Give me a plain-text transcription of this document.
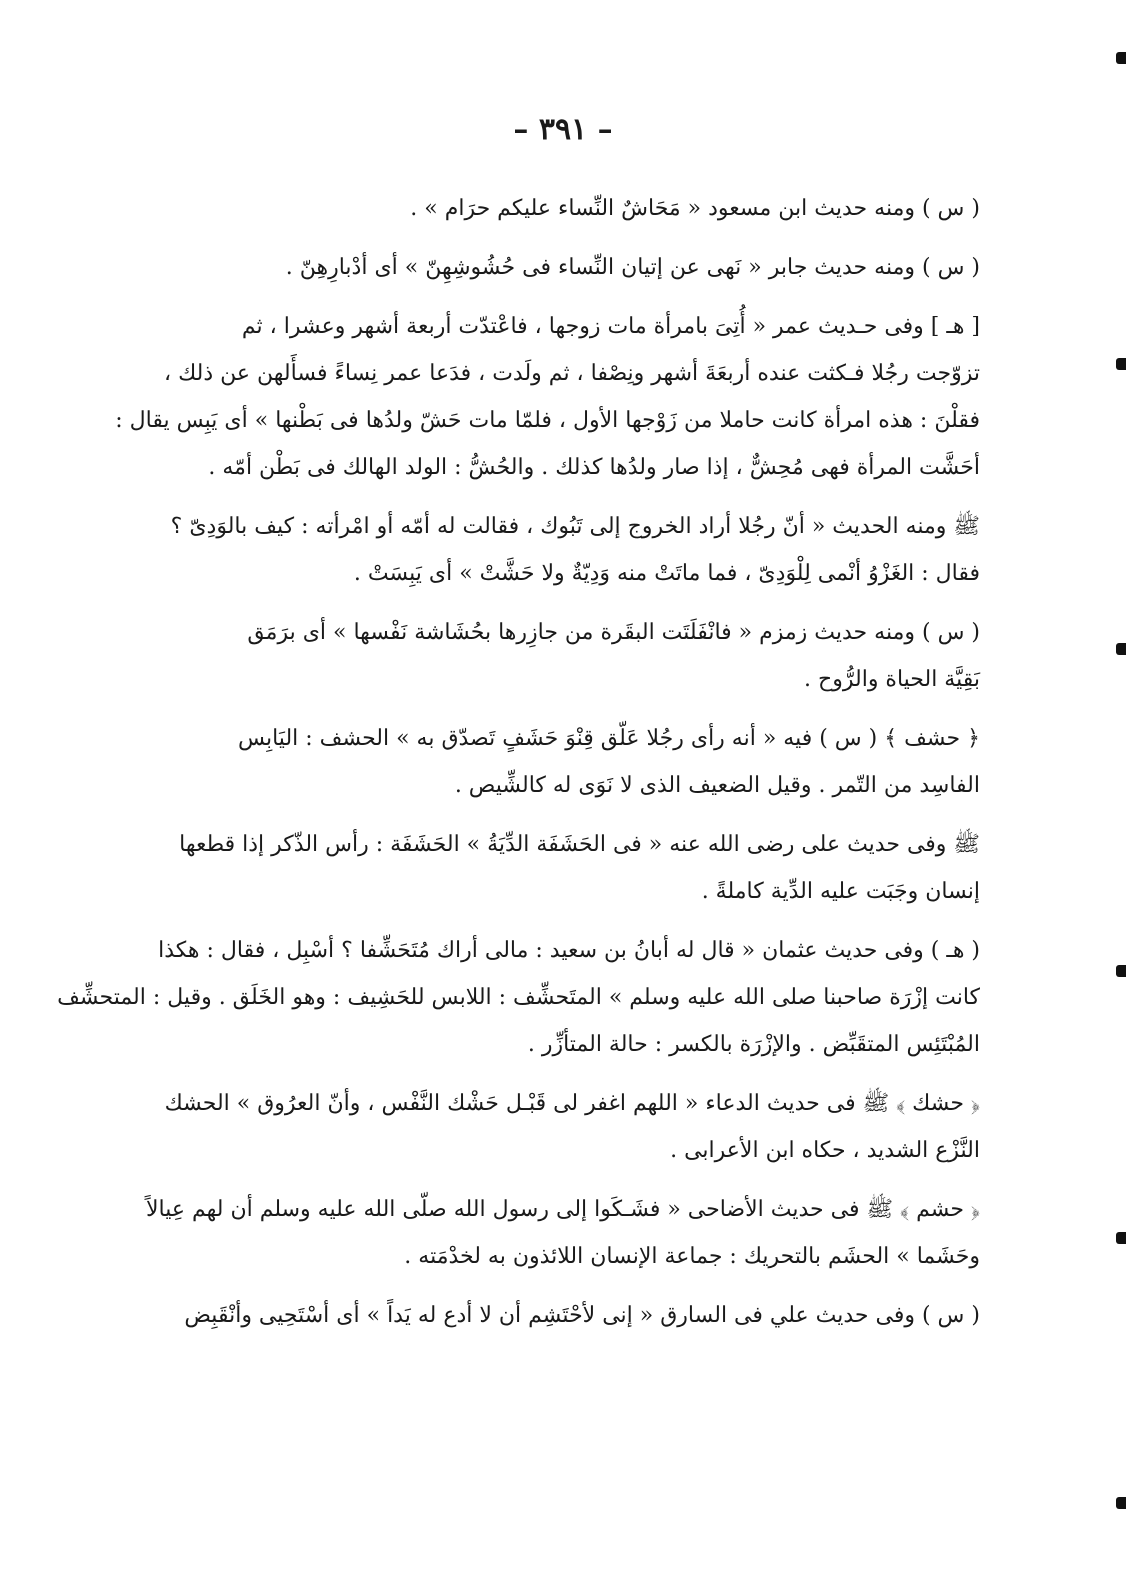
– ٣٩١ –
( س ) ومنه حديث ابن مسعود « مَحَاشٌ النِّساء عليكم حرَام » .
( س ) ومنه حديث جابر « نَهى عن إتيان النِّساء فى حُشُوشِهِنّ » أى أدْبارِهِنّ .
[ هـ ] وفى حـديث عمر « أُتِىَ بامرأة مات زوجها ، فاعْتدّت أربعة أشهر وعشرا ، ثم
تزوّجت رجُلا فـكثت عنده أربعَةَ أشهر ونِصْفا ، ثم ولَدت ، فدَعا عمر نِساءً فسأَلهن عن ذلك ،
فقلْنَ : هذه امرأة كانت حاملا من زَوْجها الأول ، فلمّا مات حَشّ ولدُها فى بَطْنها » أى يَبِس يقال :
أحَشَّت المرأة فهى مُحِشٌّ ، إذا صار ولدُها كذلك . والحُشُّ : الولد الهالك فى بَطْن أمّه .
ﷺ ومنه الحديث « أنّ رجُلا أراد الخروج إلى تَبُوك ، فقالت له أمّه أو امْرأته : كيف بالوَدِىّ ؟
فقال : الغَزْوُ أنْمى لِلْوَدِىّ ، فما ماتَتْ منه وَدِيّةٌ ولا حَشَّتْ » أى يَبِسَتْ .
( س ) ومنه حديث زمزم « فانْفَلَتَت البقَرة من جازِرها بحُشَاشة نَفْسها » أى برَمَق
بَقِيَّة الحياة والرُّوح .
﴿ حشف ﴾ ( س ) فيه « أنه رأى رجُلا عَلّق قِنْوَ حَشَفٍ تَصدّق به » الحشف : اليَابِس
الفاسِد من التّمر . وقيل الضعيف الذى لا نَوَى له كالشِّيص .
ﷺ وفى حديث على رضى الله عنه « فى الحَشَفَة الدِّيَةُ » الحَشَفَة : رأس الذّكر إذا قطعها
إنسان وجَبَت عليه الدِّية كاملةً .
( هـ ) وفى حديث عثمان « قال له أبانُ بن سعيد : مالى أراك مُتَحَشِّفا ؟ أسْبِل ، فقال : هكذا
كانت إزْرَة صاحبنا صلى الله عليه وسلم » المتَحشِّف : اللابس للحَشِيف : وهو الخَلَق . وقيل : المتحشِّف
المُبْتَئِس المتقَبِّض . والإزْرَة بالكسر : حالة المتأزِّر .
﴿ حشك ﴾ ﷺ فى حديث الدعاء « اللهم اغفر لى قَبْـل حَشْك النَّفْس ، وأنّ العرُوق » الحشك
النَّزْع الشديد ، حكاه ابن الأعرابى .
﴿ حشم ﴾ ﷺ فى حديث الأضاحى « فشَـكَوا إلى رسول الله صلّى الله عليه وسلم أن لهم عِيالاً
وحَشَما » الحشَم بالتحريك : جماعة الإنسان اللائذون به لخدْمَته .
( س ) وفى حديث علي فى السارق « إنى لأحْتَشِم أن لا أدع له يَداً » أى أسْتَحِيى وأنْقَبِض
